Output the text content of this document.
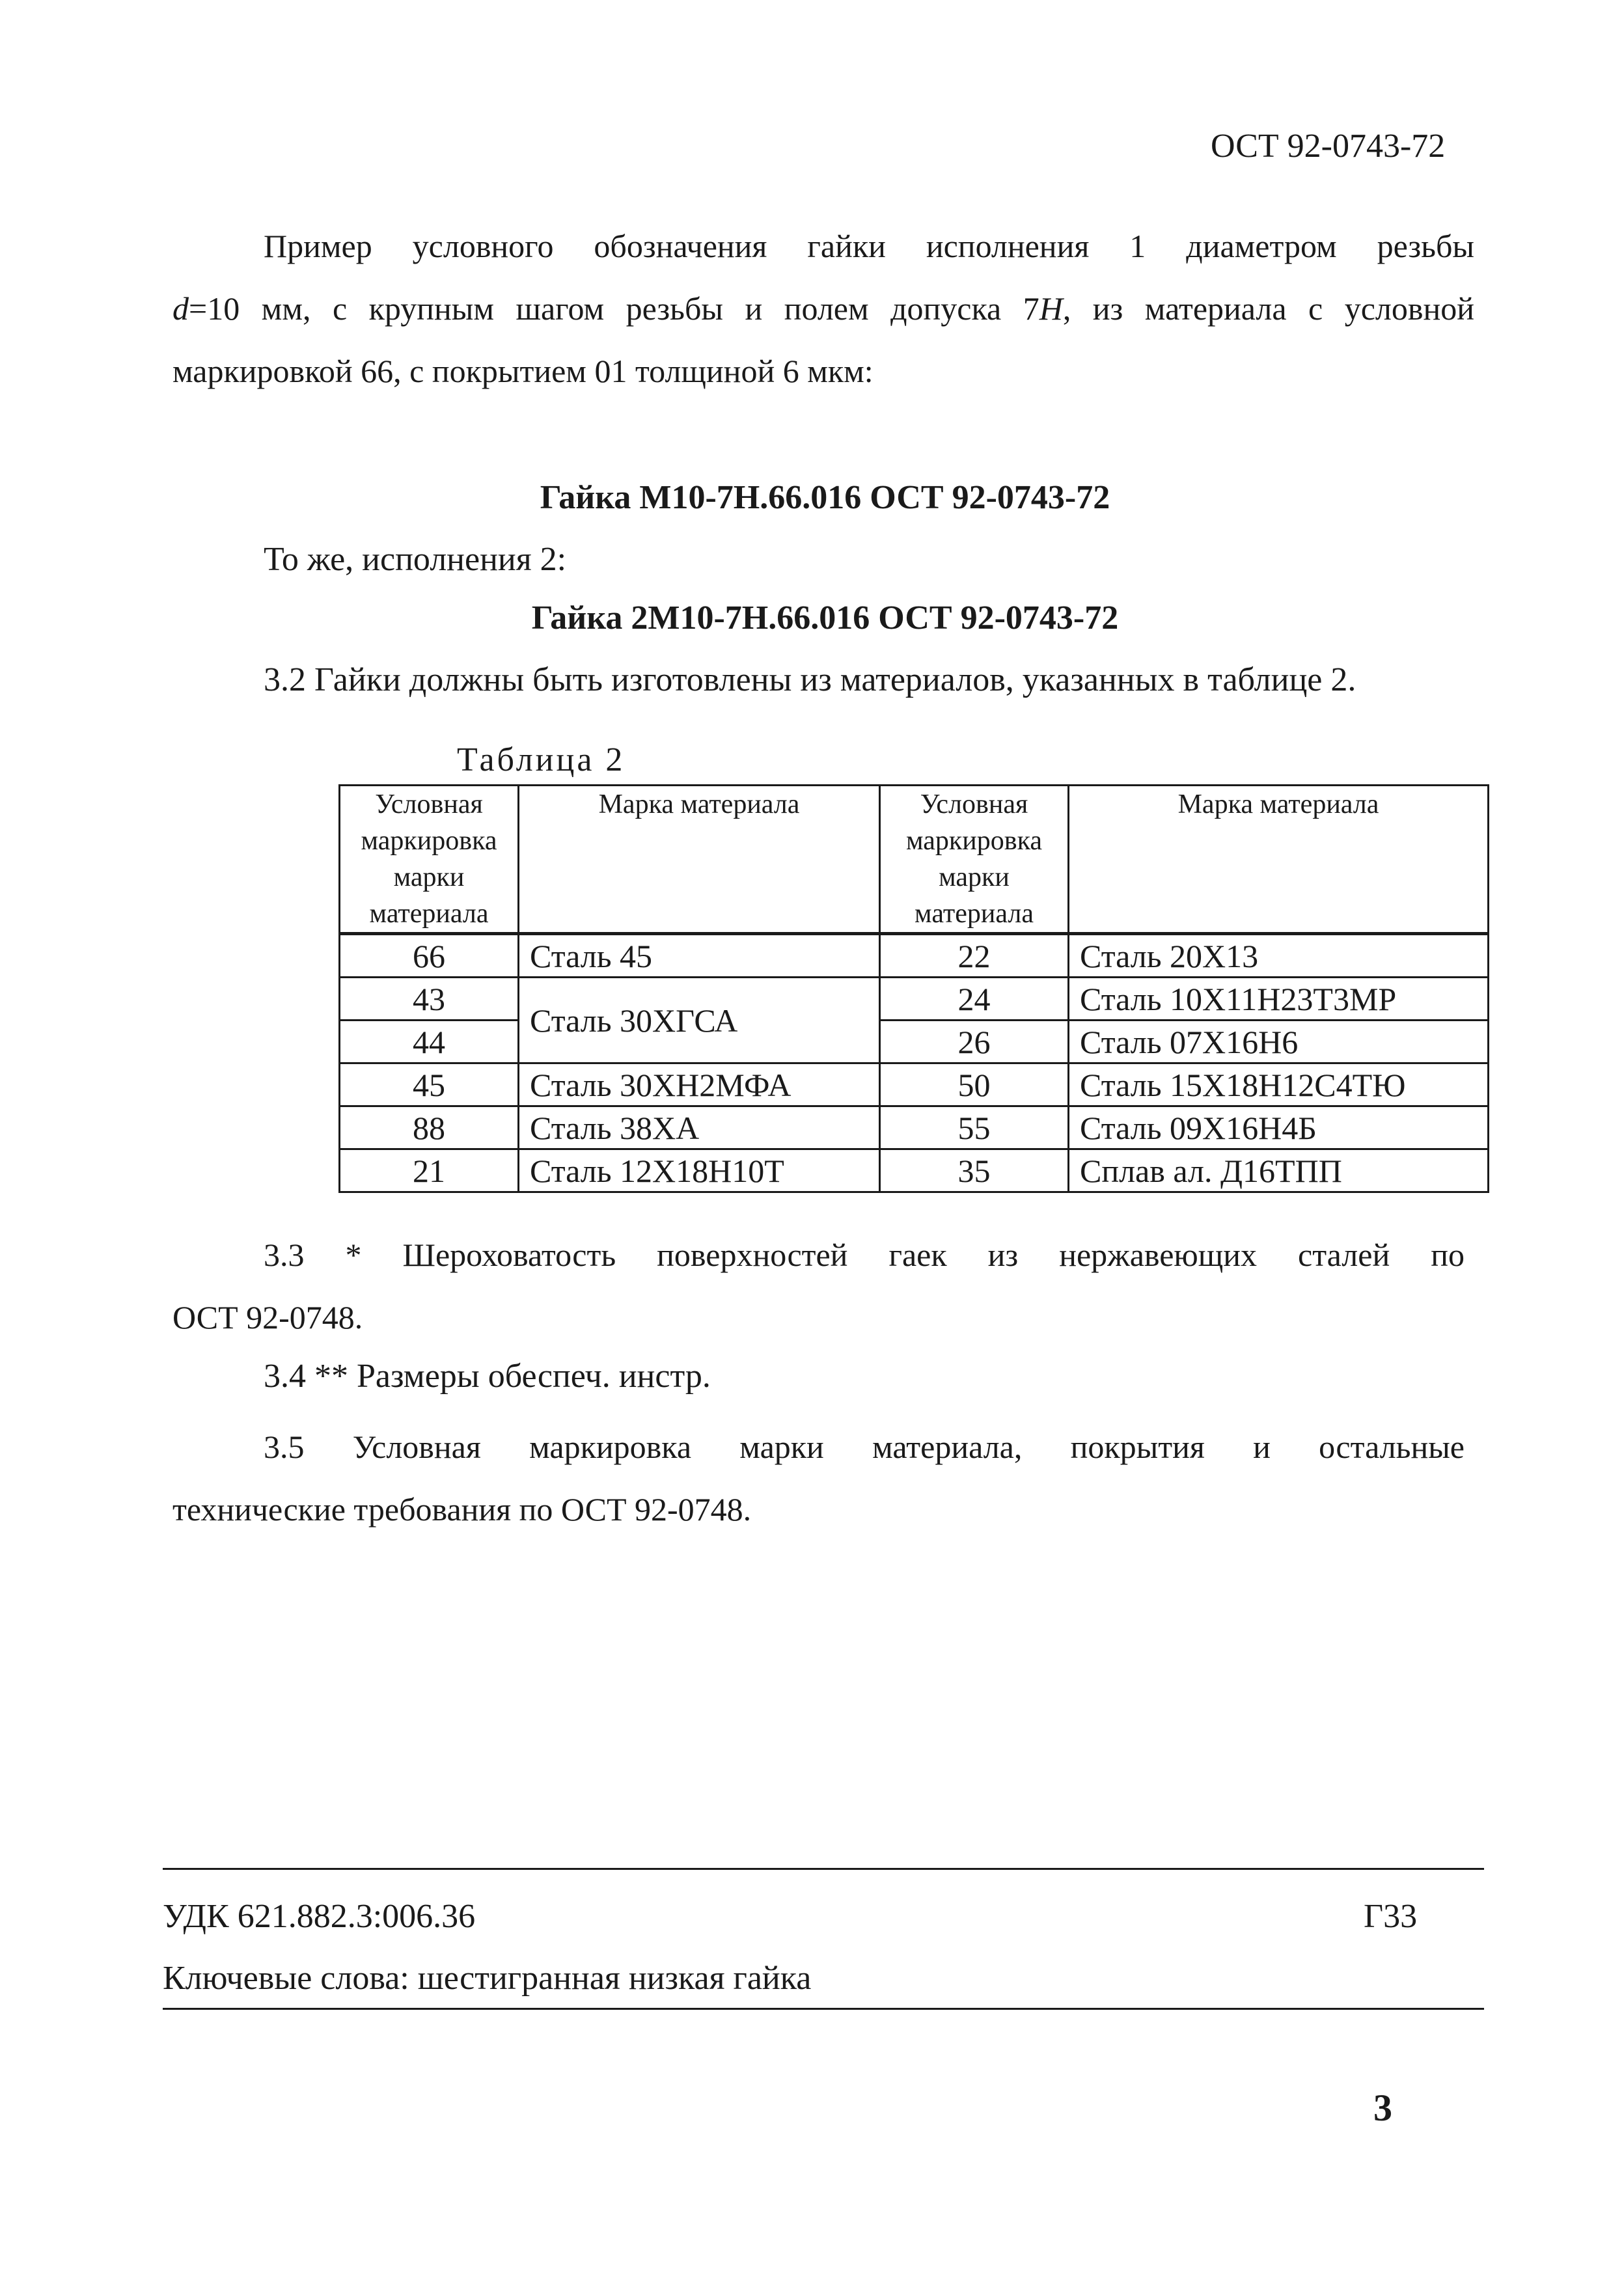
ОСТ 92-0743-72
Пример условного обозначения гайки исполнения 1 диаметром резьбы
d=10 мм, с крупным шагом резьбы и полем допуска 7H, из материала с условной
маркировкой 66, с покрытием 01 толщиной 6 мкм:
Гайка М10-7Н.66.016 ОСТ 92-0743-72
То же, исполнения 2:
Гайка 2М10-7Н.66.016 ОСТ 92-0743-72
3.2 Гайки должны быть изготовлены из материалов, указанных в таблице 2.
Таблица 2
Условная маркировка марки материала	Марка материала	Условная маркировка марки материала	Марка материала
66	Сталь 45	22	Сталь 20Х13
43	Сталь 30ХГСА	24	Сталь 10Х11Н23Т3МР
44		26	Сталь 07Х16Н6
45	Сталь 30ХН2МФА	50	Сталь 15Х18Н12С4ТЮ
88	Сталь 38ХА	55	Сталь 09Х16Н4Б
21	Сталь 12Х18Н10Т	35	Сплав ал. Д16ТПП
3.3 * Шероховатость поверхностей гаек из нержавеющих сталей по
ОСТ 92-0748.
3.4 ** Размеры обеспеч. инстр.
3.5 Условная маркировка марки материала, покрытия и остальные
технические требования по ОСТ 92-0748.
УДК 621.882.3:006.36	Г33
Ключевые слова: шестигранная низкая гайка
3
